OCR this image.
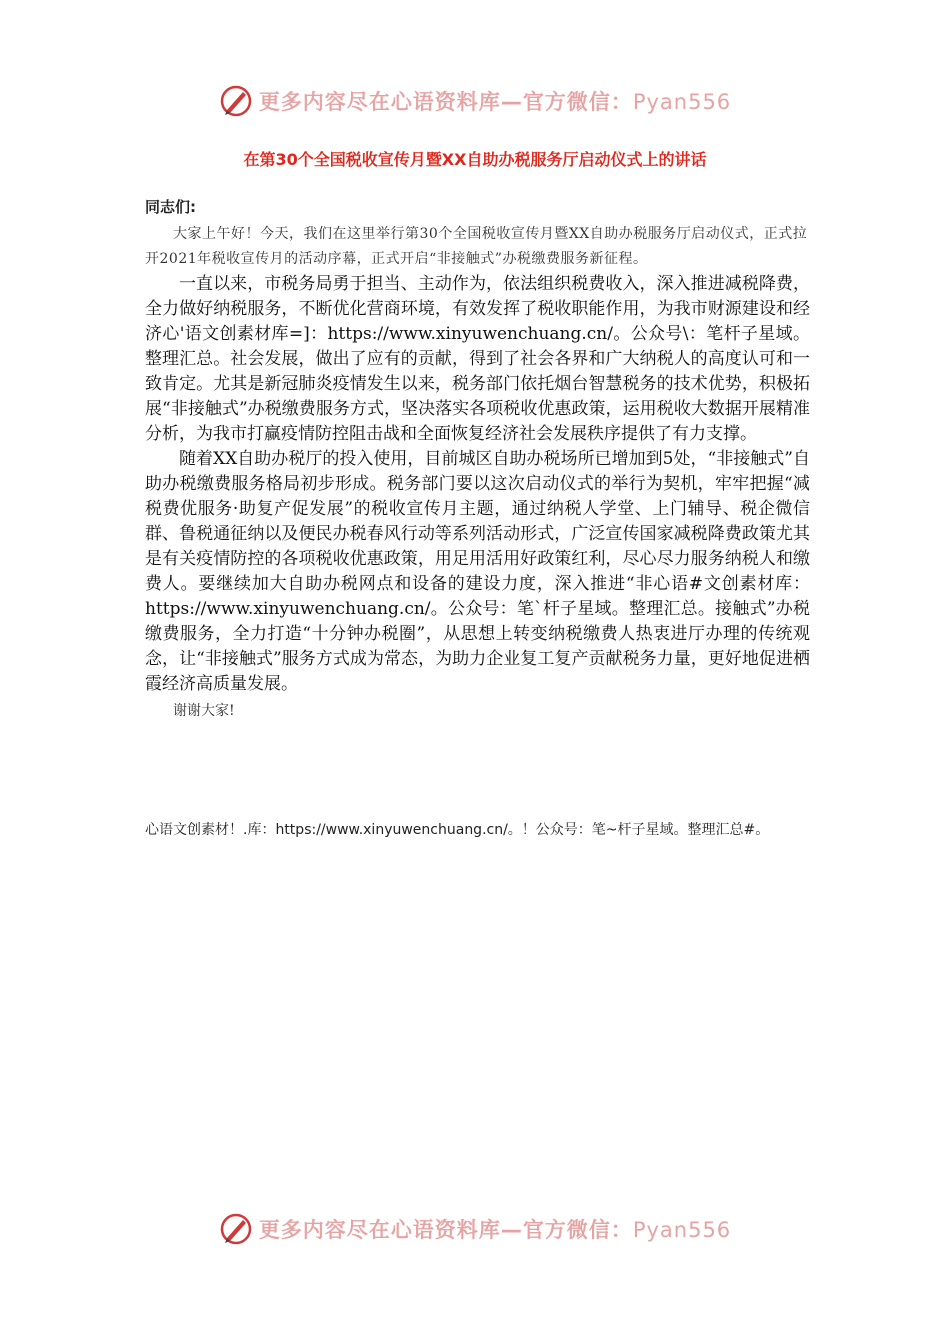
更多内容尽在心语资料库—官方微信：Pyan556
在第30个全国税收宣传月暨XX自助办税服务厅启动仪式上的讲话

同志们:

大家上午好！今天，我们在这里举行第30个全国税收宣传月暨XX自助办税服务厅启动仪式，正式拉开2021年税收宣传月的活动序幕，正式开启“非接触式”办税缴费服务新征程。

一直以来，市税务局勇于担当、主动作为，依法组织税费收入，深入推进减税降费，全力做好纳税服务，不断优化营商环境，有效发挥了税收职能作用，为我市财源建设和经济心'语文创素材库=]：https://www.xinyuwenchuang.cn/。公众号\：笔杆子星域。整理汇总。社会发展，做出了应有的贡献，得到了社会各界和广大纳税人的高度认可和一致肯定。尤其是新冠肺炎疫情发生以来，税务部门依托烟台智慧税务的技术优势，积极拓展“非接触式”办税缴费服务方式，坚决落实各项税收优惠政策，运用税收大数据开展精准分析，为我市打赢疫情防控阻击战和全面恢复经济社会发展秩序提供了有力支撑。

随着XX自助办税厅的投入使用，目前城区自助办税场所已增加到5处，“非接触式”自助办税缴费服务格局初步形成。税务部门要以这次启动仪式的举行为契机，牢牢把握“减税费优服务·助复产促发展”的税收宣传月主题，通过纳税人学堂、上门辅导、税企微信群、鲁税通征纳以及便民办税春风行动等系列活动形式，广泛宣传国家减税降费政策尤其是有关疫情防控的各项税收优惠政策，用足用活用好政策红利，尽心尽力服务纳税人和缴费人。要继续加大自助办税网点和设备的建设力度，深入推进“非心语#文创素材库：https://www.xinyuwenchuang.cn/。公众号：笔`杆子星域。整理汇总。接触式”办税缴费服务，全力打造“十分钟办税圈”，从思想上转变纳税缴费人热衷进厅办理的传统观念，让“非接触式”服务方式成为常态，为助力企业复工复产贡献税务力量，更好地促进栖霞经济高质量发展。

谢谢大家!

心语文创素材！.库：https://www.xinyuwenchuang.cn/。！公众号：笔~杆子星域。整理汇总#。
更多内容尽在心语资料库—官方微信：Pyan556
